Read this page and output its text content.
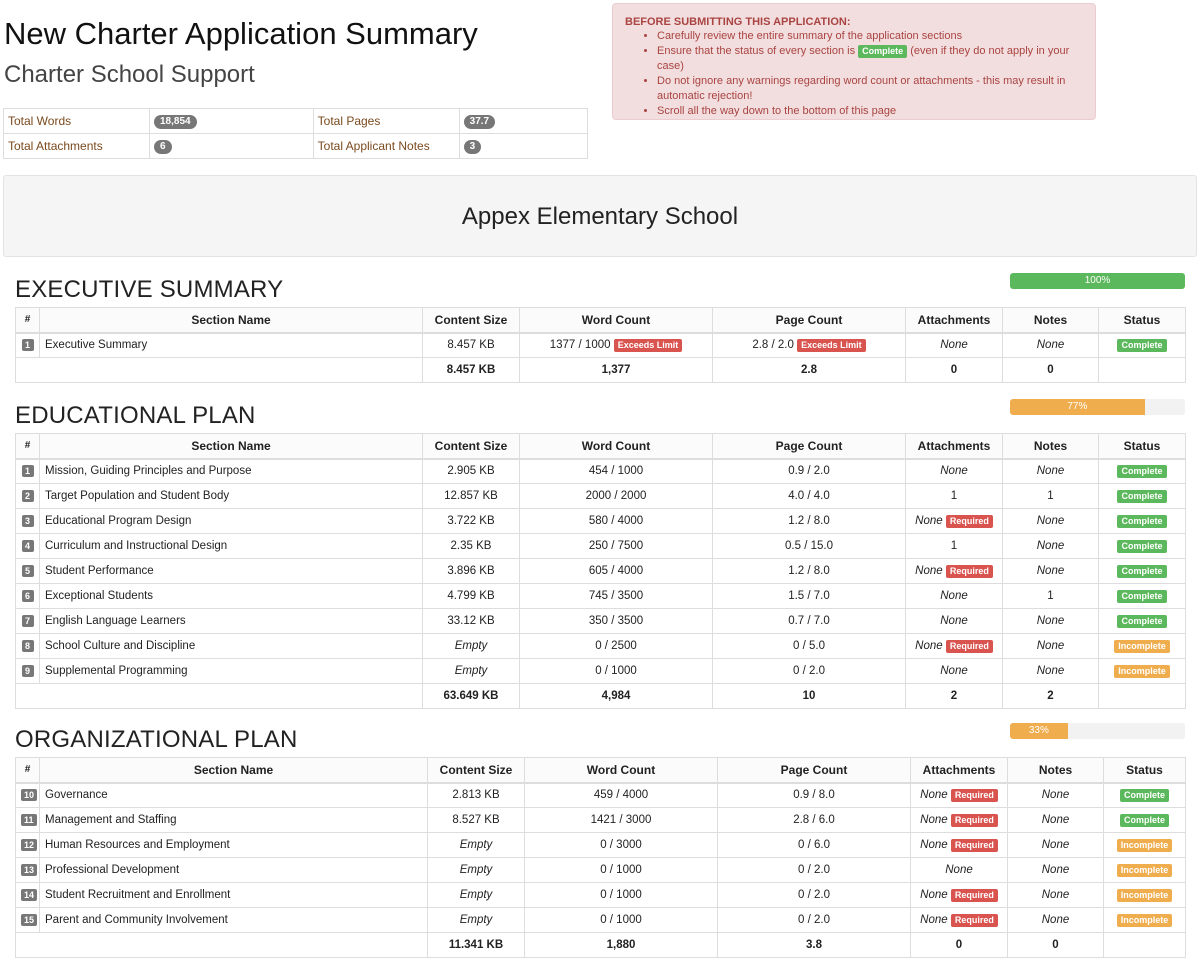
New Charter Application Summary
Charter School Support
Total Words	18,854	Total Pages	37.7
Total Attachments	6	Total Applicant Notes	3
BEFORE SUBMITTING THIS APPLICATION:
• Carefully review the entire summary of the application sections
• Ensure that the status of every section is Complete (even if they do not apply in your case)
• Do not ignore any warnings regarding word count or attachments - this may result in automatic rejection!
• Scroll all the way down to the bottom of this page
Appex Elementary School
EXECUTIVE SUMMARY	100%
#	Section Name	Content Size	Word Count	Page Count	Attachments	Notes	Status
1	Executive Summary	8.457 KB	1377 / 1000 Exceeds Limit	2.8 / 2.0 Exceeds Limit	None	None	Complete
		8.457 KB	1,377	2.8	0	0	
EDUCATIONAL PLAN	77%
#	Section Name	Content Size	Word Count	Page Count	Attachments	Notes	Status
1	Mission, Guiding Principles and Purpose	2.905 KB	454 / 1000	0.9 / 2.0	None	None	Complete
2	Target Population and Student Body	12.857 KB	2000 / 2000	4.0 / 4.0	1	1	Complete
3	Educational Program Design	3.722 KB	580 / 4000	1.2 / 8.0	None Required	None	Complete
4	Curriculum and Instructional Design	2.35 KB	250 / 7500	0.5 / 15.0	1	None	Complete
5	Student Performance	3.896 KB	605 / 4000	1.2 / 8.0	None Required	None	Complete
6	Exceptional Students	4.799 KB	745 / 3500	1.5 / 7.0	None	1	Complete
7	English Language Learners	33.12 KB	350 / 3500	0.7 / 7.0	None	None	Complete
8	School Culture and Discipline	Empty	0 / 2500	0 / 5.0	None Required	None	Incomplete
9	Supplemental Programming	Empty	0 / 1000	0 / 2.0	None	None	Incomplete
		63.649 KB	4,984	10	2	2	
ORGANIZATIONAL PLAN	33%
#	Section Name	Content Size	Word Count	Page Count	Attachments	Notes	Status
10	Governance	2.813 KB	459 / 4000	0.9 / 8.0	None Required	None	Complete
11	Management and Staffing	8.527 KB	1421 / 3000	2.8 / 6.0	None Required	None	Complete
12	Human Resources and Employment	Empty	0 / 3000	0 / 6.0	None Required	None	Incomplete
13	Professional Development	Empty	0 / 1000	0 / 2.0	None	None	Incomplete
14	Student Recruitment and Enrollment	Empty	0 / 1000	0 / 2.0	None Required	None	Incomplete
15	Parent and Community Involvement	Empty	0 / 1000	0 / 2.0	None Required	None	Incomplete
		11.341 KB	1,880	3.8	0	0	
